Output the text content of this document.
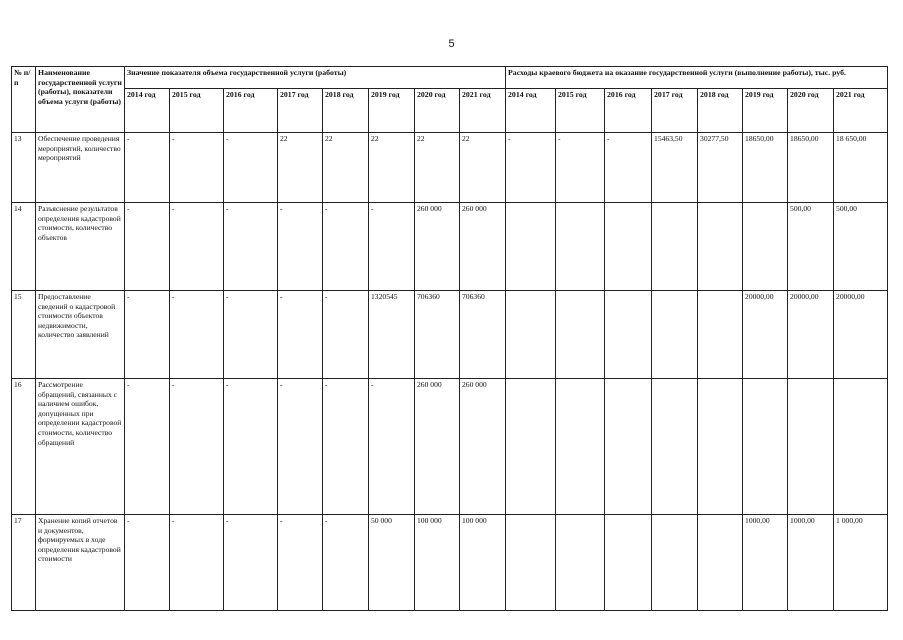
5
№ п/п	Наименование государственной услуги (работы), показатели объема услуги (работы)	Значение показателя объема государственной услуги (работы)								Расходы краевого бюджета на оказание государственной услуги (выполнение работы), тыс. руб.							
		2014 год	2015 год	2016 год	2017 год	2018 год	2019 год	2020 год	2021 год	2014 год	2015 год	2016 год	2017 год	2018 год	2019 год	2020 год	2021 год
13	Обеспечение проведения мероприятий, количество мероприятий	-	-	-	22	22	22	22	22	-	-	-	15463,50	30277,50	18650,00	18650,00	18 650,00
14	Разъяснение результатов определения кадастровой стоимости, количество объектов	-	-	-	-	-	-	260 000	260 000							500,00	500,00
15	Предоставление сведений о кадастровой стоимости объектов недвижимости, количество заявлений	-	-	-	-	-	1320545	706360	706360						20000,00	20000,00	20000,00
16	Рассмотрение обращений, связанных с наличием ошибок, допущенных при определении кадастровой стоимости, количество обращений	-	-	-	-	-	-	260 000	260 000								
17	Хранение копий отчетов и документов, формируемых в ходе определения кадастровой стоимости	-	-	-	-	-	50 000	100 000	100 000						1000,00	1000,00	1 000,00
